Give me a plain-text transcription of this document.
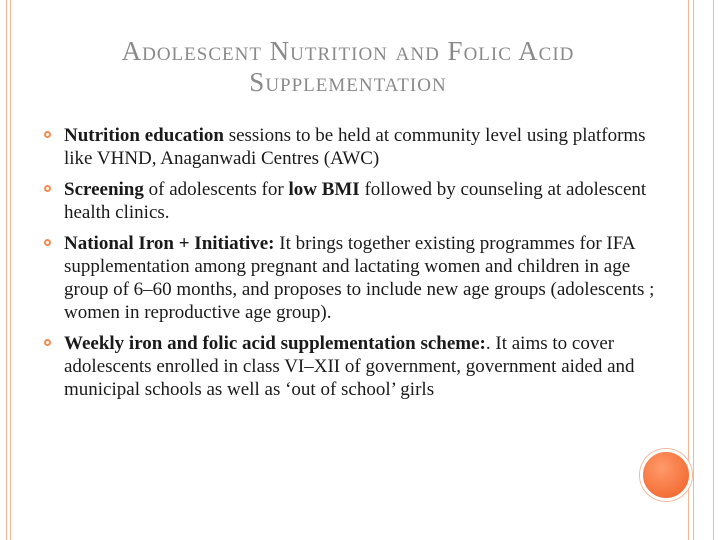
Adolescent Nutrition and Folic Acid
Supplementation
Nutrition education sessions to be held at community level using platforms like VHND, Anaganwadi Centres (AWC)
Screening of adolescents for low BMI followed by counseling at adolescent health clinics.
National Iron + Initiative: It brings together existing programmes for IFA supplementation among pregnant and lactating women and children in age group of 6–60 months, and proposes to include new age groups (adolescents ; women in reproductive age group).
Weekly iron and folic acid supplementation scheme:. It aims to cover adolescents enrolled in class VI–XII of government, government aided and municipal schools as well as ‘out of school’ girls
